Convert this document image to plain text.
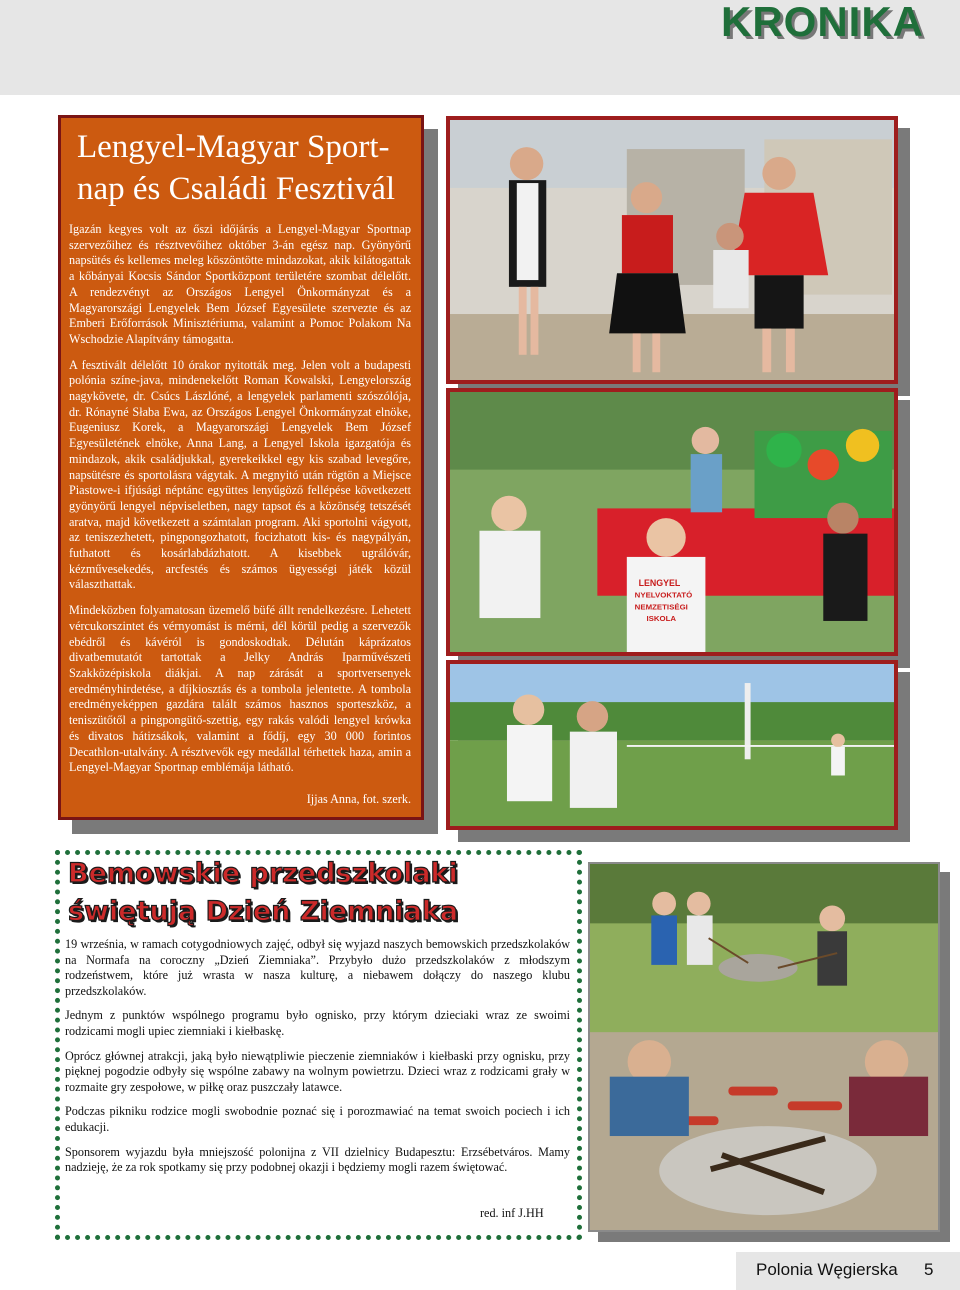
KRONIKA
Lengyel-Magyar Sport-
nap és Családi Fesztivál

Igazán kegyes volt az őszi időjárás a Lengyel-Magyar Sportnap szervezőihez és résztvevőihez október 3-án egész nap. Gyönyörű napsütés és kellemes meleg köszöntötte mindazokat, akik kilátogattak a kőbányai Kocsis Sándor Sportközpont területére szombat délelőtt. A rendezvényt az Országos Lengyel Önkormányzat és a Magyarországi Lengyelek Bem József Egyesülete szervezte és az Emberi Erőforrások Minisztériuma, valamint a Pomoc Polakom Na Wschodzie Alapítvány támogatta.

A fesztivált délelőtt 10 órakor nyitották meg. Jelen volt a budapesti polónia színe-java, mindenekelőtt Roman Kowalski, Lengyelország nagykövete, dr. Csúcs Lászlóné, a lengyelek parlamenti szószólója, dr. Rónayné Słaba Ewa, az Országos Lengyel Önkormányzat elnöke, Eugeniusz Korek, a Magyarországi Lengyelek Bem József Egyesületének elnöke, Anna Lang, a Lengyel Iskola igazgatója és mindazok, akik családjukkal, gyerekeikkel egy kis szabad levegőre, napsütésre és sportolásra vágytak. A megnyitó után rögtön a Miejsce Piastowe-i ifjúsági néptánc együttes lenyűgöző fellépése következett gyönyörű lengyel népviseletben, nagy tapsot és a közönség tetszését aratva, majd következett a számtalan program. Aki sportolni vágyott, az teniszezhetett, pingpongozhatott, focizhatott kis- és nagypályán, futhatott és kosárlabdázhatott. A kisebbek ugrálóvár, kézművesekedés, arcfestés és számos ügyességi játék közül választhattak.

Mindeközben folyamatosan üzemelő büfé állt rendelkezésre. Lehetett vércukorszintet és vérnyomást is mérni, dél körül pedig a szervezők ebédről és kávéról is gondoskodtak. Délután káprázatos divatbemutatót tartottak a Jelky András Iparművészeti Szakközépiskola diákjai. A nap zárását a sportversenyek eredményhirdetése, a díjkiosztás és a tombola jelentette. A tombola eredményeképpen gazdára talált számos hasznos sporteszköz, a teniszütőtől a pingpongütő-szettig, egy rakás valódi lengyel krówka és divatos hátizsákok, valamint a fődíj, egy 30 000 forintos Decathlon-utalvány. A résztvevők egy medállal térhettek haza, amin a Lengyel-Magyar Sportnap emblémája látható.

Ijjas Anna, fot. szerk.
LENGYEL
NYELVOKTATÓ
NEMZETISÉGI
ISKOLA
Bemowskie przedszkolaki
świętują Dzień Ziemniaka

19 września, w ramach cotygodniowych zajęć, odbył się wyjazd naszych bemowskich przedszkolaków na Normafa na coroczny „Dzień Ziemniaka”. Przybyło dużo przedszkolaków z młodszym rodzeństwem, które już wrasta w nasza kulturę, a niebawem dołączy do naszego klubu przedszkolaków.

Jednym z punktów wspólnego programu było ognisko, przy którym dzieciaki wraz ze swoimi rodzicami mogli upiec ziemniaki i kiełbaskę.

Oprócz głównej atrakcji, jaką było niewątpliwie pieczenie ziemniaków i kiełbaski przy ognisku, przy pięknej pogodzie odbyły się wspólne zabawy na wolnym powietrzu. Dzieci wraz z rodzicami grały w rozmaite gry zespołowe, w piłkę oraz puszczały latawce.

Podczas pikniku rodzice mogli swobodnie poznać się i porozmawiać na temat swoich pociech i ich edukacji.

Sponsorem wyjazdu była mniejszość polonijna z VII dzielnicy Budapesztu: Erzsébetváros. Mamy nadzieję, że za rok spotkamy się przy podobnej okazji i będziemy mogli razem świętować.

red. inf J.HH
Polonia Węgierska 5
